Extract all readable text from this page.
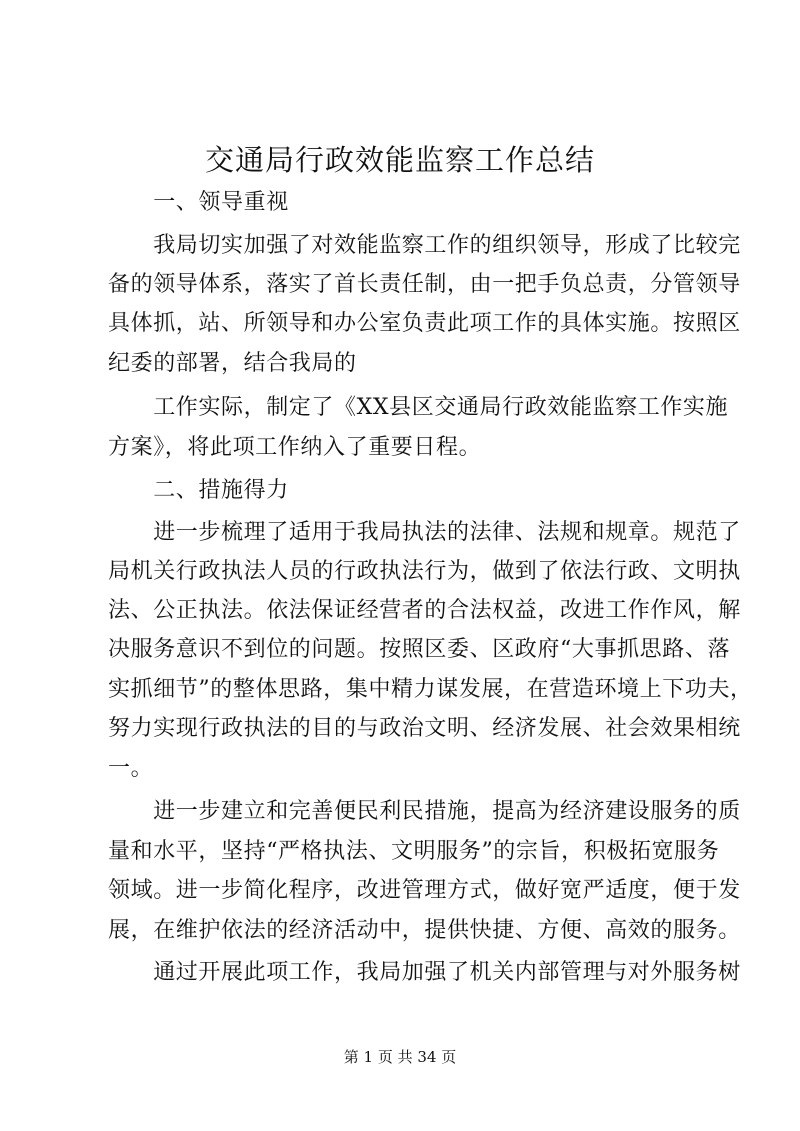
交通局行政效能监察工作总结
　　一、领导重视
　　我局切实加强了对效能监察工作的组织领导，形成了比较完
备的领导体系，落实了首长责任制，由一把手负总责，分管领导
具体抓，站、所领导和办公室负责此项工作的具体实施。按照区
纪委的部署，结合我局的
　　工作实际，制定了《XX县区交通局行政效能监察工作实施
方案》，将此项工作纳入了重要日程。
　　二、措施得力
　　进一步梳理了适用于我局执法的法律、法规和规章。规范了
局机关行政执法人员的行政执法行为，做到了依法行政、文明执
法、公正执法。依法保证经营者的合法权益，改进工作作风，解
决服务意识不到位的问题。按照区委、区政府“大事抓思路、落
实抓细节”的整体思路，集中精力谋发展，在营造环境上下功夫，
努力实现行政执法的目的与政治文明、经济发展、社会效果相统
一。
　　进一步建立和完善便民利民措施，提高为经济建设服务的质
量和水平，坚持“严格执法、文明服务”的宗旨，积极拓宽服务
领域。进一步简化程序，改进管理方式，做好宽严适度，便于发
展，在维护依法的经济活动中，提供快捷、方便、高效的服务。
　　通过开展此项工作，我局加强了机关内部管理与对外服务树
第 1 页 共 34 页
